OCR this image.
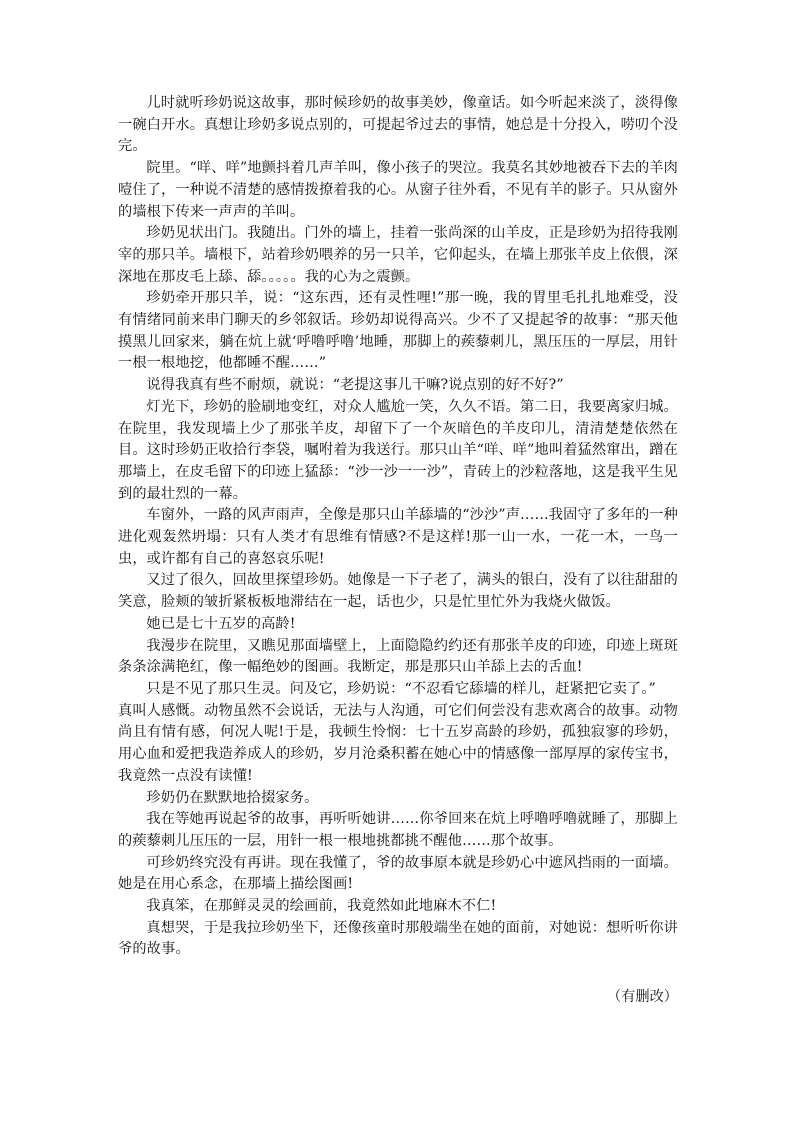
儿时就听珍奶说这故事，那时候珍奶的故事美妙，像童话。如今听起来淡了，淡得像一碗白开水。真想让珍奶多说点别的，可提起爷过去的事情，她总是十分投入，唠叨个没完。

院里。“咩、咩”地颤抖着几声羊叫，像小孩子的哭泣。我莫名其妙地被吞下去的羊肉噎住了，一种说不清楚的感情拨撩着我的心。从窗子往外看，不见有羊的影子。只从窗外的墙根下传来一声声的羊叫。

珍奶见状出门。我随出。门外的墙上，挂着一张尚深的山羊皮，正是珍奶为招待我刚宰的那只羊。墙根下，站着珍奶喂养的另一只羊，它仰起头，在墙上那张羊皮上依偎，深深地在那皮毛上舔、舔。。。。。我的心为之震颤。

珍奶牵开那只羊，说：“这东西，还有灵性哩!”那一晚，我的胃里毛扎扎地难受，没有情绪同前来串门聊天的乡邻叙话。珍奶却说得高兴。少不了又提起爷的故事：“那天他摸黑儿回家来，躺在炕上就‘呼噜呼噜’地睡，那脚上的蒺藜刺儿，黑压压的一厚层，用针一根一根地挖，他都睡不醒……”

说得我真有些不耐烦，就说：“老提这事儿干嘛?说点别的好不好?”

灯光下，珍奶的脸刷地变红，对众人尴尬一笑，久久不语。第二日，我要离家归城。在院里，我发现墙上少了那张羊皮，却留下了一个灰暗色的羊皮印儿，清清楚楚依然在目。这时珍奶正收拾行李袋，嘱咐着为我送行。那只山羊“咩、咩”地叫着猛然窜出，蹭在那墙上，在皮毛留下的印迹上猛舔：“沙一沙一一沙”，青砖上的沙粒落地，这是我平生见到的最壮烈的一幕。

车窗外，一路的风声雨声，全像是那只山羊舔墙的“沙沙”声……我固守了多年的一种进化观轰然坍塌：只有人类才有思维有情感?不是这样!那一山一水，一花一木，一鸟一虫，或许都有自己的喜怒哀乐呢!

又过了很久，回故里探望珍奶。她像是一下子老了，满头的银白，没有了以往甜甜的笑意，脸颊的皱折紧板板地滞结在一起，话也少，只是忙里忙外为我烧火做饭。

她已是七十五岁的高龄!

我漫步在院里，又瞧见那面墙壁上，上面隐隐约约还有那张羊皮的印迹，印迹上斑斑条条涂满艳红，像一幅绝妙的图画。我断定，那是那只山羊舔上去的舌血!

只是不见了那只生灵。问及它，珍奶说：“不忍看它舔墙的样儿，赶紧把它卖了。”

真叫人感慨。动物虽然不会说话，无法与人沟通，可它们何尝没有悲欢离合的故事。动物尚且有情有感，何况人呢!于是，我顿生怜悯：七十五岁高龄的珍奶，孤独寂寥的珍奶，用心血和爱把我造养成人的珍奶，岁月沧桑积蓄在她心中的情感像一部厚厚的家传宝书，我竟然一点没有读懂!

珍奶仍在默默地拾掇家务。

我在等她再说起爷的故事，再听听她讲……你爷回来在炕上呼噜呼噜就睡了，那脚上的蒺藜刺儿压压的一层，用针一根一根地挑都挑不醒他……那个故事。

可珍奶终究没有再讲。现在我懂了，爷的故事原本就是珍奶心中遮风挡雨的一面墙。她是在用心系念，在那墙上描绘图画!

我真笨，在那鲜灵灵的绘画前，我竟然如此地麻木不仁!

真想哭，于是我拉珍奶坐下，还像孩童时那般端坐在她的面前，对她说：想听听你讲爷的故事。

（有删改）
